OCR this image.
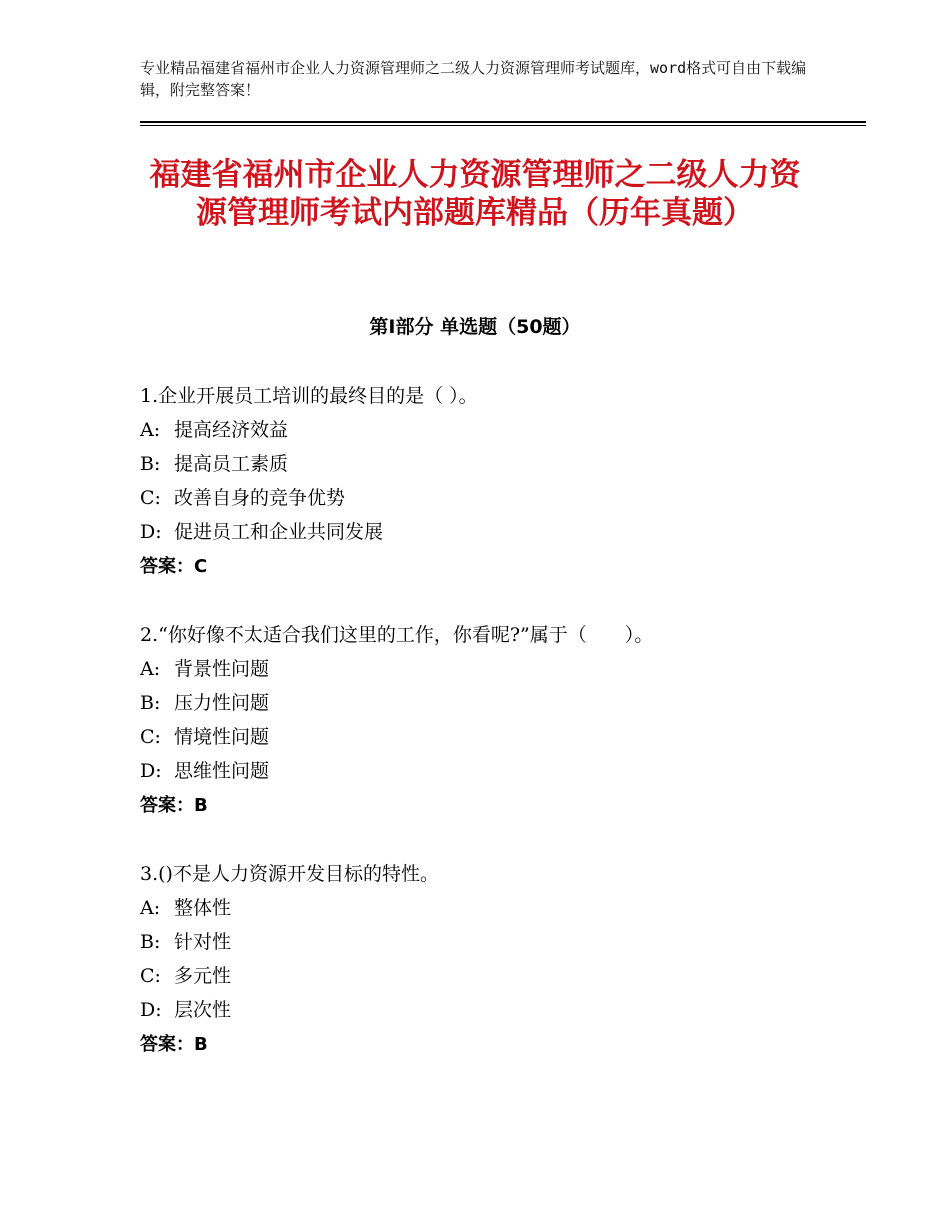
专业精品福建省福州市企业人力资源管理师之二级人力资源管理师考试题库，word格式可自由下载编辑，附完整答案！
福建省福州市企业人力资源管理师之二级人力资源管理师考试内部题库精品（历年真题）
第Ⅰ部分 单选题（50题）
1.企业开展员工培训的最终目的是（ ）。
A: 提高经济效益
B: 提高员工素质
C: 改善自身的竞争优势
D: 促进员工和企业共同发展
答案：C
2.“你好像不太适合我们这里的工作，你看呢?”属于（　　）。
A: 背景性问题
B: 压力性问题
C: 情境性问题
D: 思维性问题
答案：B
3.()不是人力资源开发目标的特性。
A: 整体性
B: 针对性
C: 多元性
D: 层次性
答案：B
